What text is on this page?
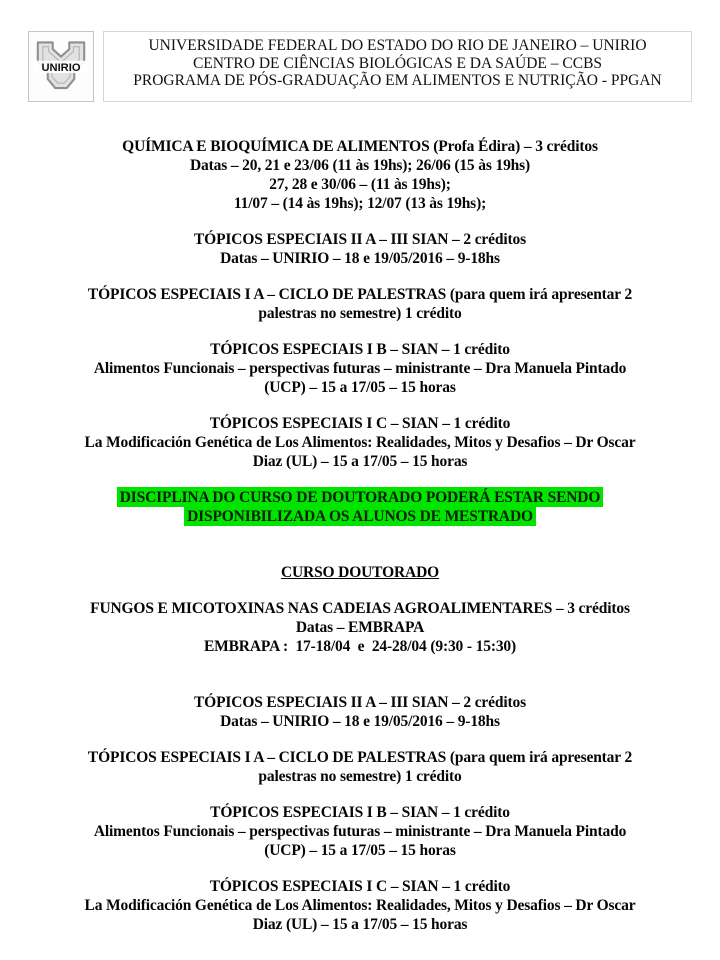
UNIRIO
UNIVERSIDADE FEDERAL DO ESTADO DO RIO DE JANEIRO – UNIRIO
CENTRO DE CIÊNCIAS BIOLÓGICAS E DA SAÚDE – CCBS
PROGRAMA DE PÓS-GRADUAÇÃO EM ALIMENTOS E NUTRIÇÃO - PPGAN
QUÍMICA E BIOQUÍMICA DE ALIMENTOS (Profa Édira) – 3 créditos
Datas – 20, 21 e 23/06 (11 às 19hs); 26/06 (15 às 19hs)
27, 28 e 30/06 – (11 às 19hs);
11/07 – (14 às 19hs); 12/07 (13 às 19hs);
TÓPICOS ESPECIAIS II A – III SIAN – 2 créditos
Datas – UNIRIO – 18 e 19/05/2016 – 9-18hs
TÓPICOS ESPECIAIS I A – CICLO DE PALESTRAS (para quem irá apresentar 2
palestras no semestre) 1 crédito
TÓPICOS ESPECIAIS I B – SIAN – 1 crédito
Alimentos Funcionais – perspectivas futuras – ministrante – Dra Manuela Pintado
(UCP) – 15 a 17/05 – 15 horas
TÓPICOS ESPECIAIS I C – SIAN – 1 crédito
La Modificación Genética de Los Alimentos: Realidades, Mitos y Desafios – Dr Oscar
Diaz (UL) – 15 a 17/05 – 15 horas
DISCIPLINA DO CURSO DE DOUTORADO PODERÁ ESTAR SENDO
DISPONIBILIZADA OS ALUNOS DE MESTRADO
CURSO DOUTORADO
FUNGOS E MICOTOXINAS NAS CADEIAS AGROALIMENTARES – 3 créditos
Datas – EMBRAPA
EMBRAPA :  17-18/04  e  24-28/04 (9:30 - 15:30)
TÓPICOS ESPECIAIS II A – III SIAN – 2 créditos
Datas – UNIRIO – 18 e 19/05/2016 – 9-18hs
TÓPICOS ESPECIAIS I A – CICLO DE PALESTRAS (para quem irá apresentar 2
palestras no semestre) 1 crédito
TÓPICOS ESPECIAIS I B – SIAN – 1 crédito
Alimentos Funcionais – perspectivas futuras – ministrante – Dra Manuela Pintado
(UCP) – 15 a 17/05 – 15 horas
TÓPICOS ESPECIAIS I C – SIAN – 1 crédito
La Modificación Genética de Los Alimentos: Realidades, Mitos y Desafios – Dr Oscar
Diaz (UL) – 15 a 17/05 – 15 horas
